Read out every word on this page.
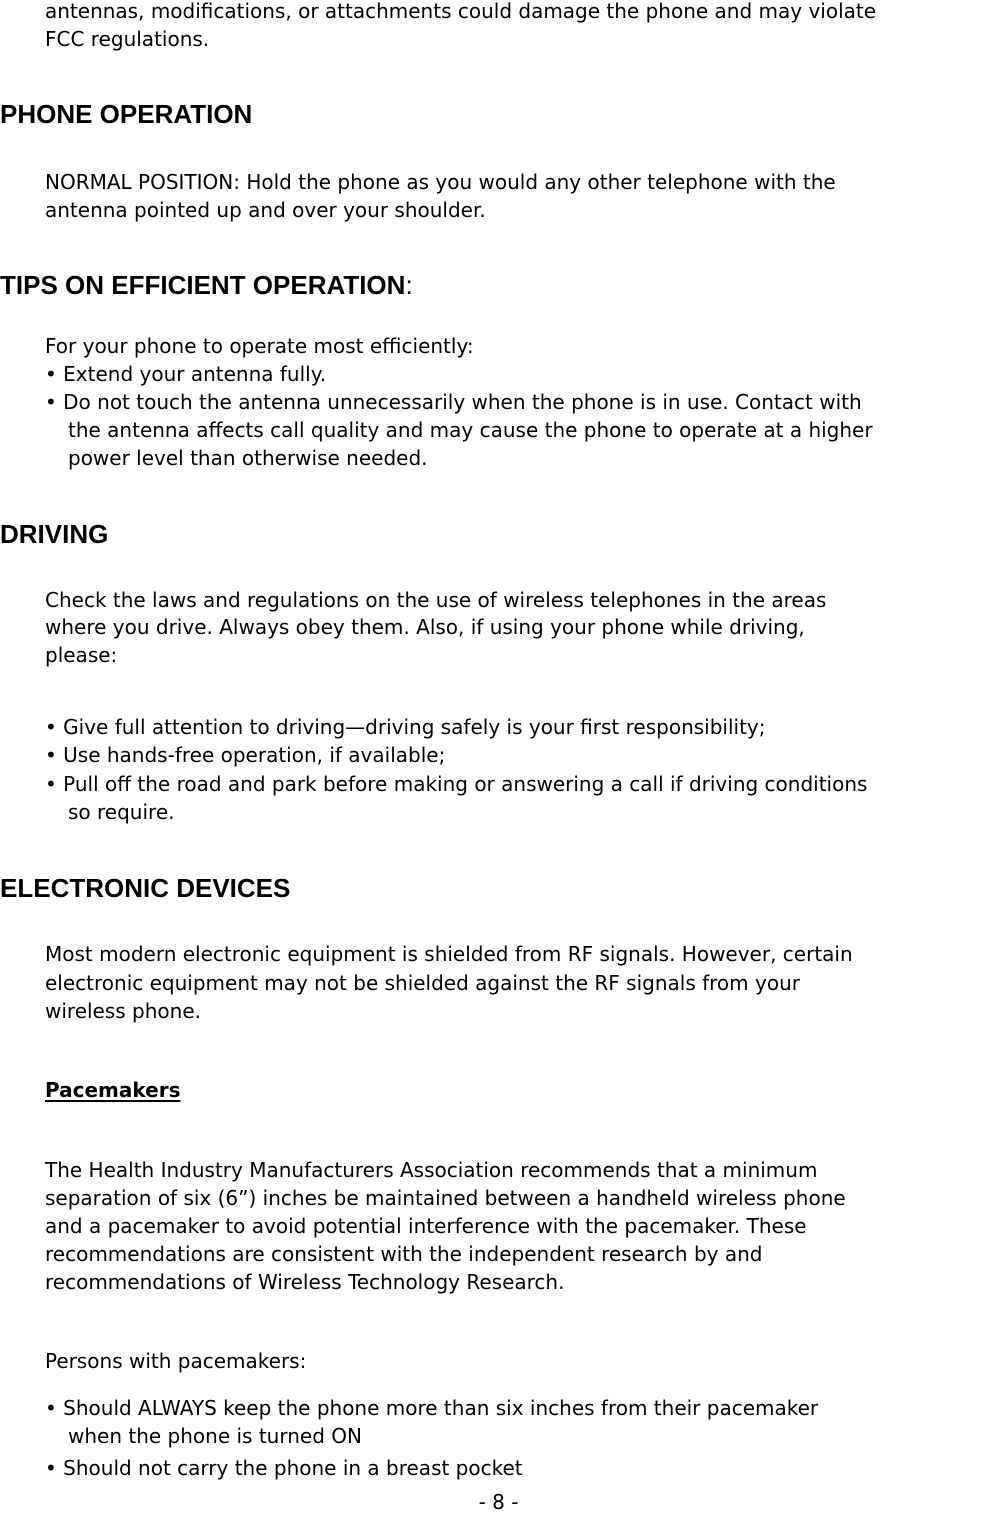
antennas, modifications, or attachments could damage the phone and may violate
FCC regulations.
PHONE OPERATION
NORMAL POSITION: Hold the phone as you would any other telephone with the
antenna pointed up and over your shoulder.
TIPS ON EFFICIENT OPERATION:
For your phone to operate most efficiently:
• Extend your antenna fully.
• Do not touch the antenna unnecessarily when the phone is in use. Contact with
the antenna affects call quality and may cause the phone to operate at a higher
power level than otherwise needed.
DRIVING
Check the laws and regulations on the use of wireless telephones in the areas
where you drive. Always obey them. Also, if using your phone while driving,
please:
• Give full attention to driving—driving safely is your first responsibility;
• Use hands-free operation, if available;
• Pull off the road and park before making or answering a call if driving conditions
so require.
ELECTRONIC DEVICES
Most modern electronic equipment is shielded from RF signals. However, certain
electronic equipment may not be shielded against the RF signals from your
wireless phone.
Pacemakers
The Health Industry Manufacturers Association recommends that a minimum
separation of six (6”) inches be maintained between a handheld wireless phone
and a pacemaker to avoid potential interference with the pacemaker. These
recommendations are consistent with the independent research by and
recommendations of Wireless Technology Research.
Persons with pacemakers:
• Should ALWAYS keep the phone more than six inches from their pacemaker
when the phone is turned ON
• Should not carry the phone in a breast pocket
- 8 -
